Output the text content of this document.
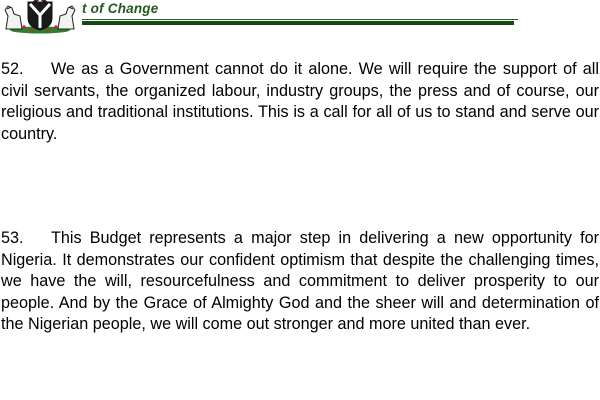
t of Change

52. We as a Government cannot do it alone. We will require the support of all civil servants, the organized labour, industry groups, the press and of course, our religious and traditional institutions. This is a call for all of us to stand and serve our country.

53. This Budget represents a major step in delivering a new opportunity for Nigeria. It demonstrates our confident optimism that despite the challenging times, we have the will, resourcefulness and commitment to deliver prosperity to our people. And by the Grace of Almighty God and the sheer will and determination of the Nigerian people, we will come out stronger and more united than ever.
